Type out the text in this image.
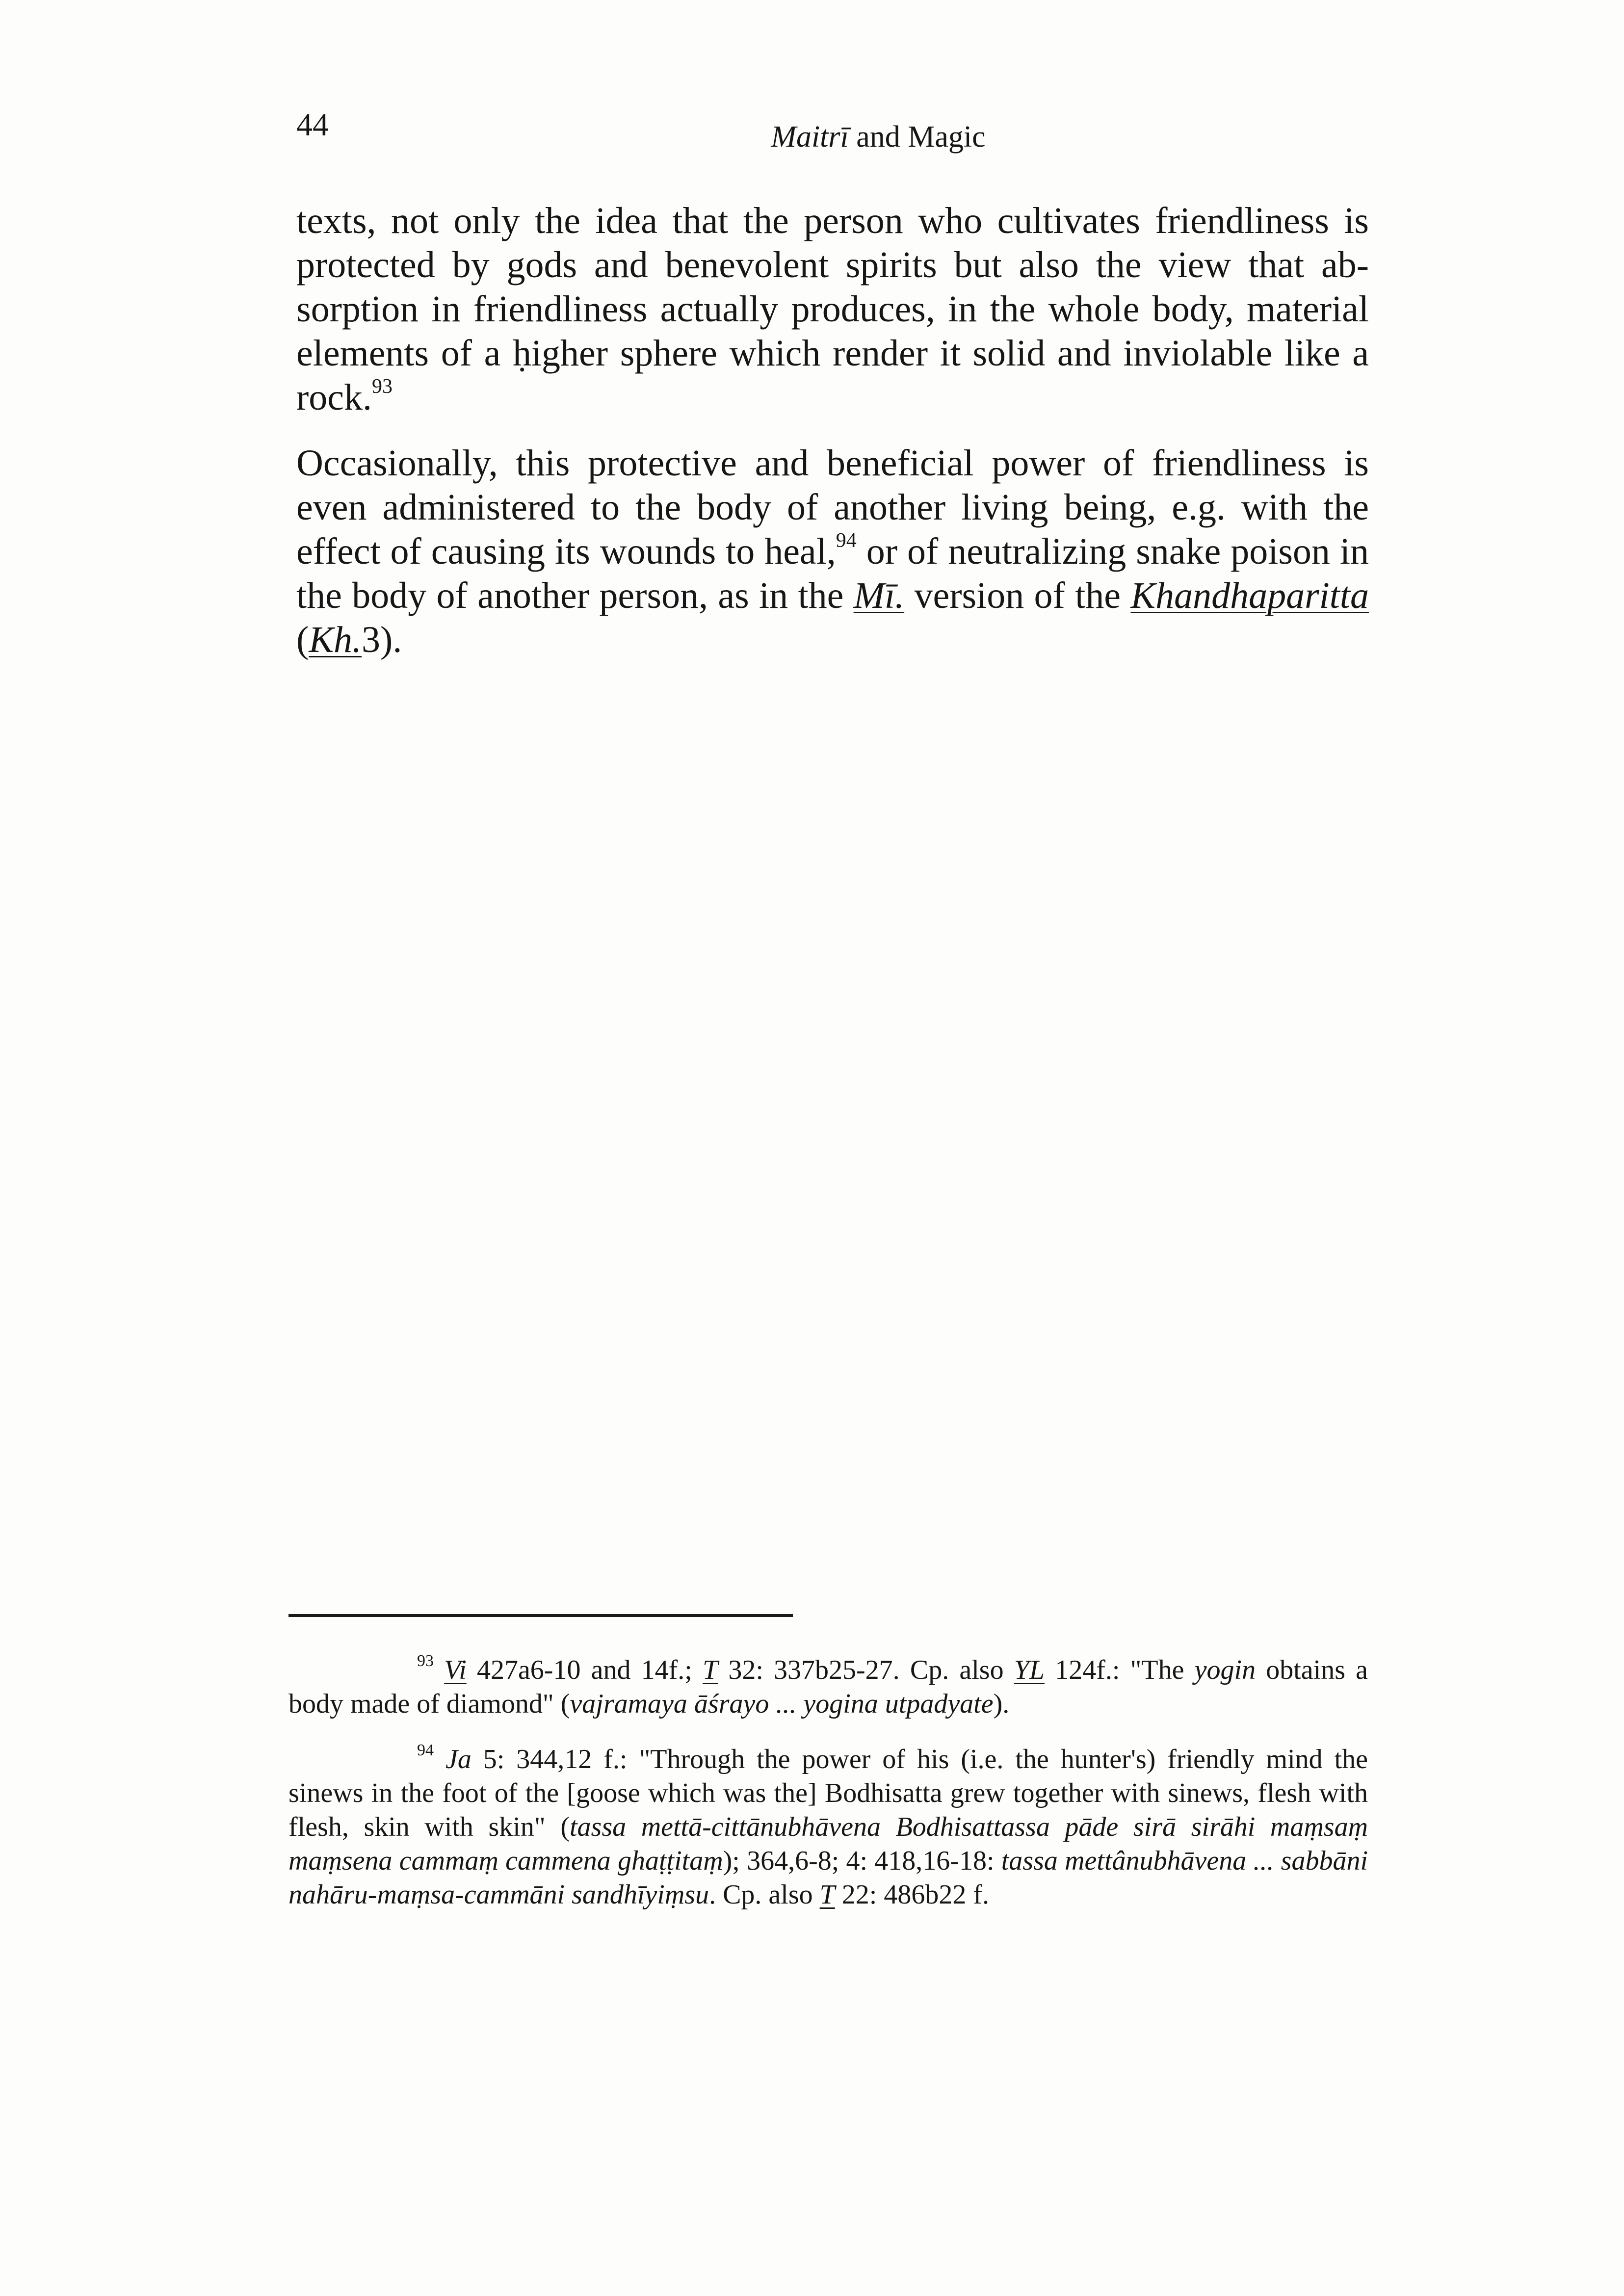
44	Maitrī and Magic

texts, not only the idea that the person who cultivates friendliness is protected by gods and benevolent spirits but also the view that absorption in friendliness actually produces, in the whole body, material elements of a ḥigher sphere which render it solid and inviolable like a rock.$^{93}$

Occasionally, this protective and beneficial power of friendliness is even administered to the body of another living being, e.g. with the effect of causing its wounds to heal,$^{94}$ or of neutralizing snake poison in the body of another person, as in the Mī. version of the Khandhaparitta (Kh.3).

$^{93}$ Vi 427a6-10 and 14f.; T 32: 337b25-27. Cp. also YL 124f.: "The yogin obtains a body made of diamond" (vajramaya āśrayo ... yogina utpadyate).

$^{94}$ Ja 5: 344,12 f.: "Through the power of his (i.e. the hunter's) friendly mind the sinews in the foot of the [goose which was the] Bodhisatta grew together with sinews, flesh with flesh, skin with skin" (tassa mettā-cittānubhāvena Bodhisattassa pāde sirā sirāhi maṃsaṃ maṃsena cammaṃ cammena ghaṭṭitaṃ); 364,6-8; 4: 418,16-18: tassa mettânubhāvena ... sabbāni nahāru-maṃsa-cammāni sandhīyiṃsu. Cp. also T 22: 486b22 f.
